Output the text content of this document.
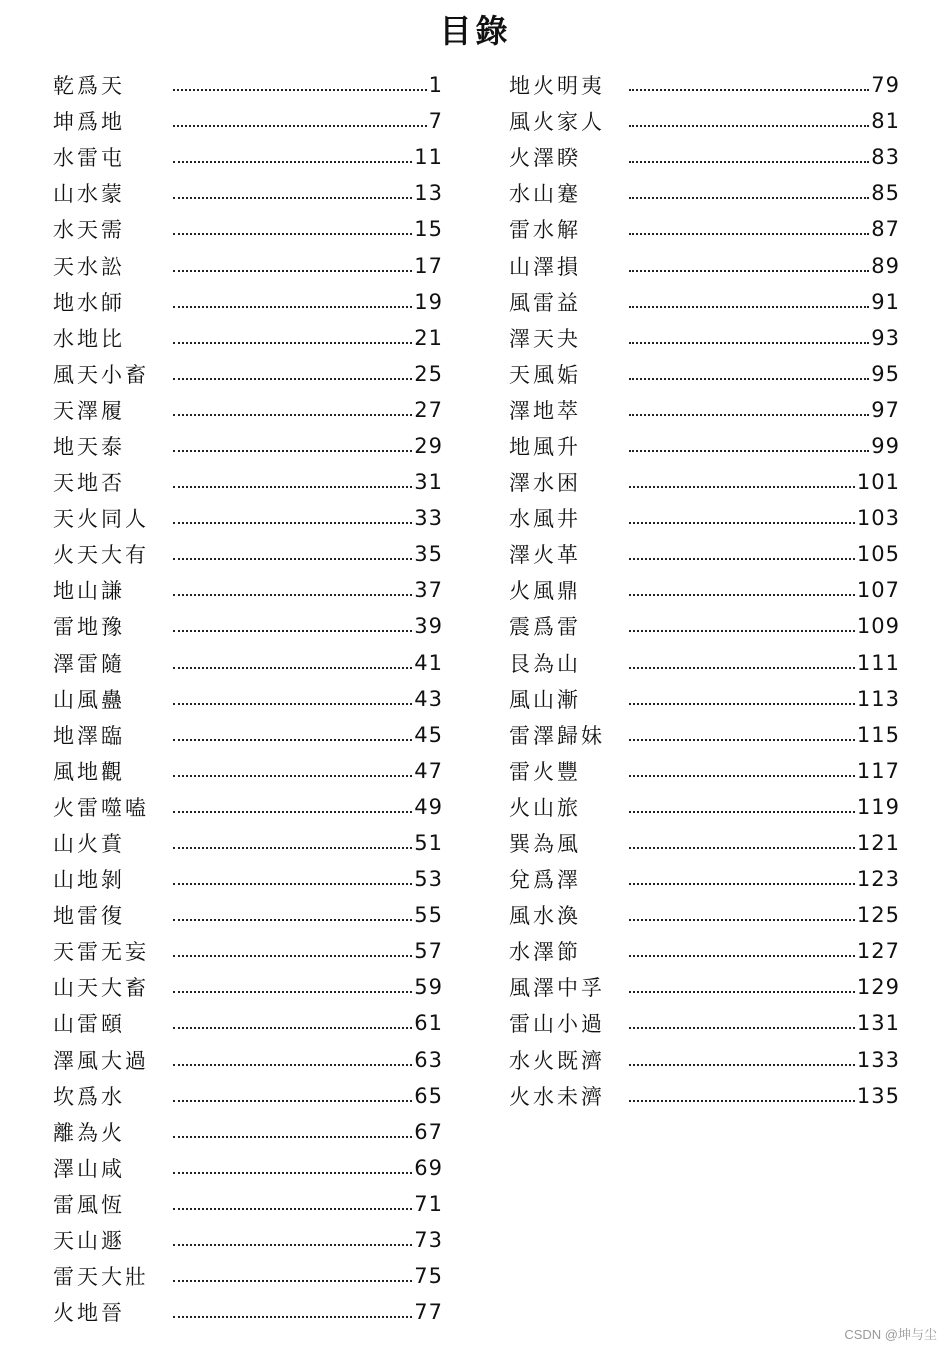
目錄
乾爲天	1
坤爲地	7
水雷屯	11
山水蒙	13
水天需	15
天水訟	17
地水師	19
水地比	21
風天小畜	25
天澤履	27
地天泰	29
天地否	31
天火同人	33
火天大有	35
地山謙	37
雷地豫	39
澤雷隨	41
山風蠱	43
地澤臨	45
風地觀	47
火雷噬嗑	49
山火賁	51
山地剝	53
地雷復	55
天雷无妄	57
山天大畜	59
山雷頤	61
澤風大過	63
坎爲水	65
離為火	67
澤山咸	69
雷風恆	71
天山遯	73
雷天大壯	75
火地晉	77
地火明夷	79
風火家人	81
火澤睽	83
水山蹇	85
雷水解	87
山澤損	89
風雷益	91
澤天夬	93
天風姤	95
澤地萃	97
地風升	99
澤水困	101
水風井	103
澤火革	105
火風鼎	107
震爲雷	109
艮為山	111
風山漸	113
雷澤歸妹	115
雷火豐	117
火山旅	119
巽為風	121
兌爲澤	123
風水渙	125
水澤節	127
風澤中孚	129
雷山小過	131
水火既濟	133
火水未濟	135
CSDN @坤与尘
